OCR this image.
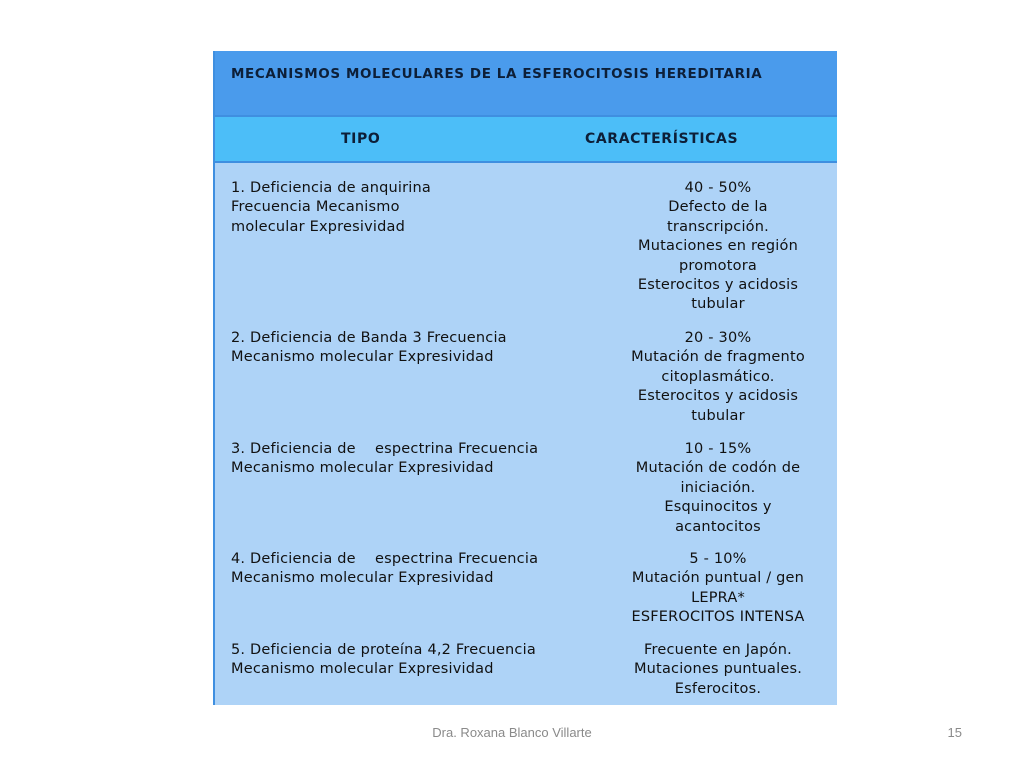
MECANISMOS MOLECULARES DE LA ESFEROCITOSIS HEREDITARIA
TIPO	CARACTERÍSTICAS
1. Deficiencia de anquirina
Frecuencia Mecanismo
molecular Expresividad
40 - 50%
Defecto de la
transcripción.
Mutaciones en región
promotora
Esterocitos y acidosis
tubular
2. Deficiencia de Banda 3 Frecuencia
Mecanismo molecular Expresividad
20 - 30%
Mutación de fragmento
citoplasmático.
Esterocitos y acidosis
tubular
3. Deficiencia de    espectrina Frecuencia
Mecanismo molecular Expresividad
10 - 15%
Mutación de codón de
iniciación.
Esquinocitos y
acantocitos
4. Deficiencia de    espectrina Frecuencia
Mecanismo molecular Expresividad
5 - 10%
Mutación puntual / gen
LEPRA*
ESFEROCITOS INTENSA
5. Deficiencia de proteína 4,2 Frecuencia
Mecanismo molecular Expresividad
Frecuente en Japón.
Mutaciones puntuales.
Esferocitos.
Dra. Roxana Blanco Villarte	15
